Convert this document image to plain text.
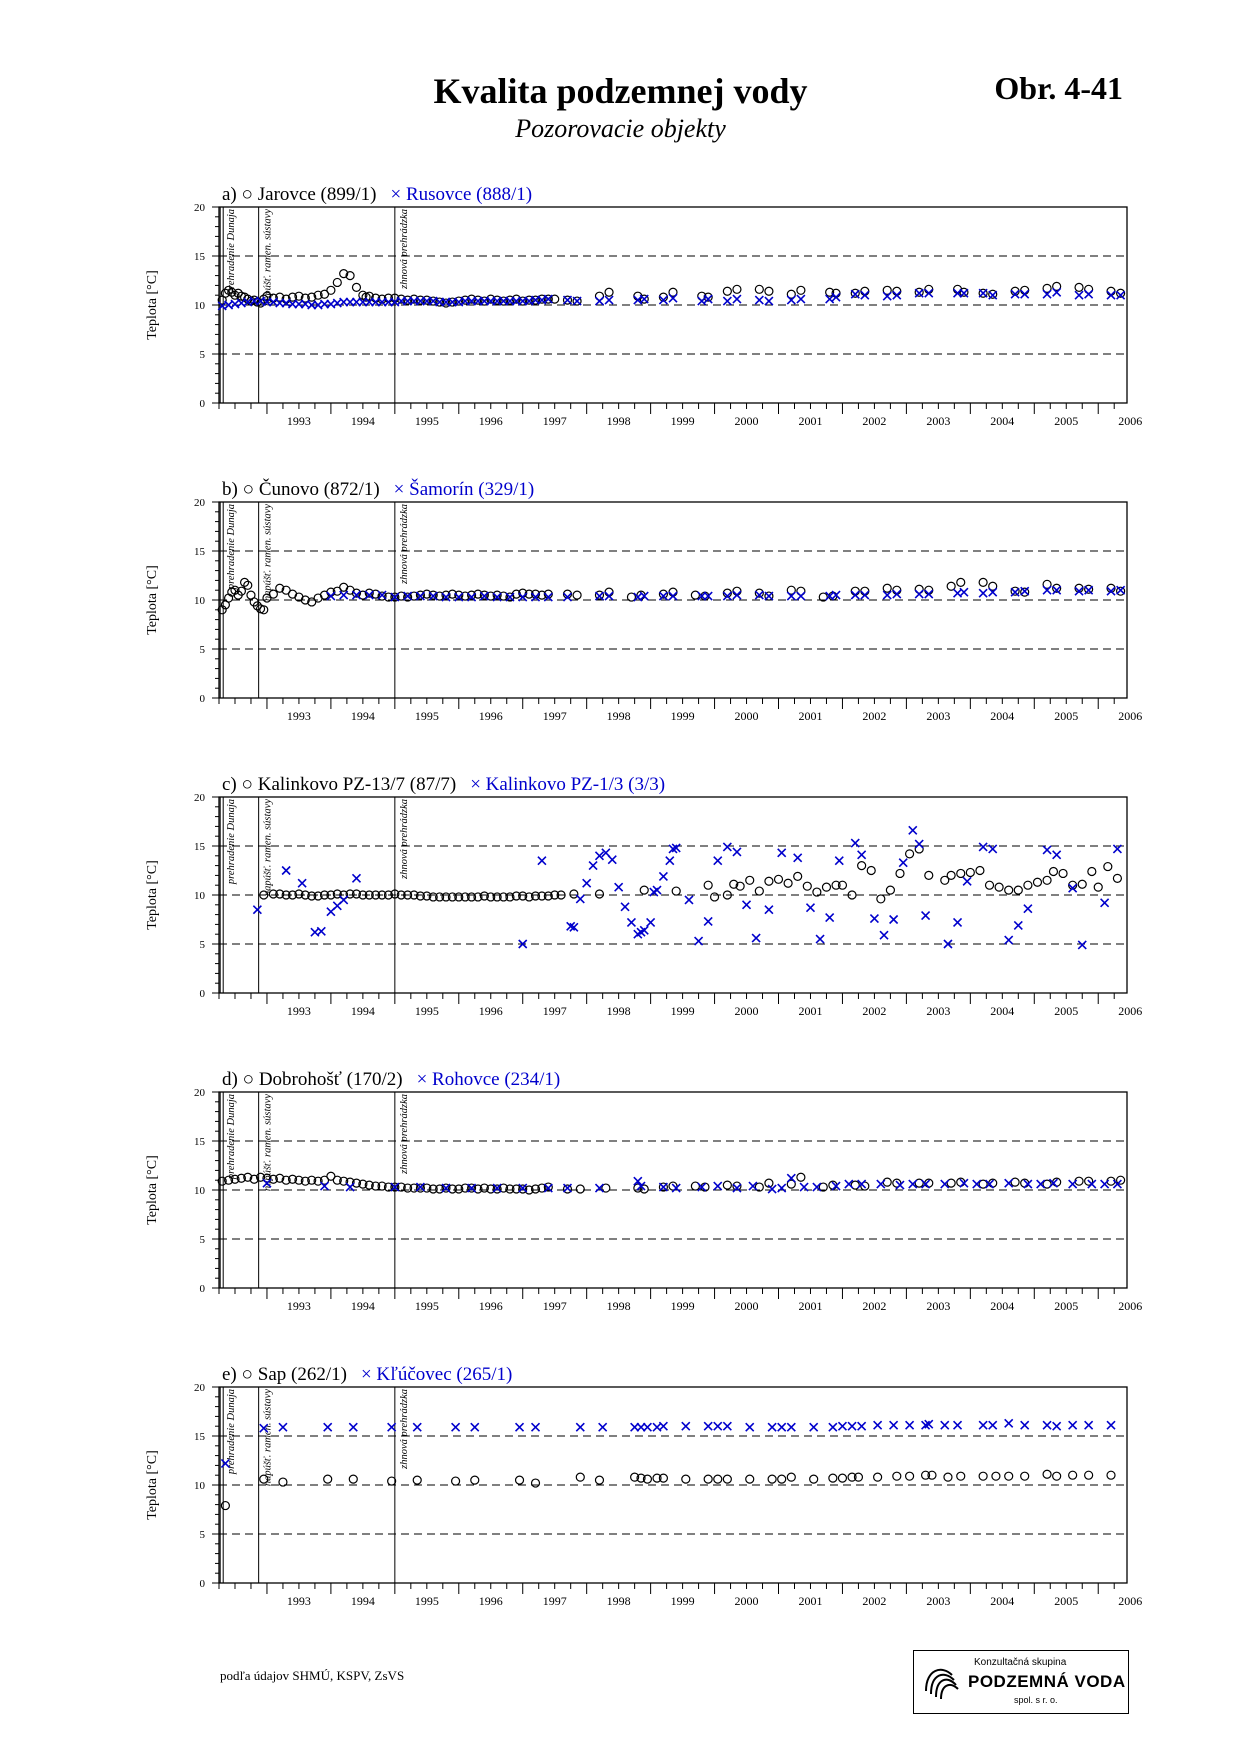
Kvalita podzemnej vody
Pozorovacie objekty
Obr. 4-41
a) ○ Jarovce (899/1) × Rusovce (888/1)
0
5
10
15
20
Teplota [°C]
1993	1994	1995	1996	1997	1998	1999	2000	2001	2002	2003	2004	2005	2006
prehradenie Dunaja napúšť. ramen. sústavy	zhnová prehrádzka
b) ○ Čunovo (872/1) × Šamorín (329/1)
0
5
10
15
20
Teplota [°C]
1993	1994	1995	1996	1997	1998	1999	2000	2001	2002	2003	2004	2005	2006
prehradenie Dunaja napúšť. ramen. sústavy	zhnová prehrádzka
c) ○ Kalinkovo PZ-13/7 (87/7) × Kalinkovo PZ-1/3 (3/3)
0
5
10
15
20
Teplota [°C]
1993	1994	1995	1996	1997	1998	1999	2000	2001	2002	2003	2004	2005	2006
prehradenie Dunaja napúšť. ramen. sústavy	zhnová prehrádzka
d) ○ Dobrohošť (170/2) × Rohovce (234/1)
0
5
10
15
20
Teplota [°C]
1993	1994	1995	1996	1997	1998	1999	2000	2001	2002	2003	2004	2005	2006
prehradenie Dunaja napúšť. ramen. sústavy	zhnová prehrádzka
e) ○ Sap (262/1) × Kľúčovec (265/1)
0
5
10
15
20
Teplota [°C]
1993	1994	1995	1996	1997	1998	1999	2000	2001	2002	2003	2004	2005	2006
prehradenie Dunaja napúšť. ramen. sústavy	zhnová prehrádzka
podľa údajov SHMÚ, KSPV, ZsVS
Konzultačná skupina
PODZEMNÁ VODA
spol. s r. o.
